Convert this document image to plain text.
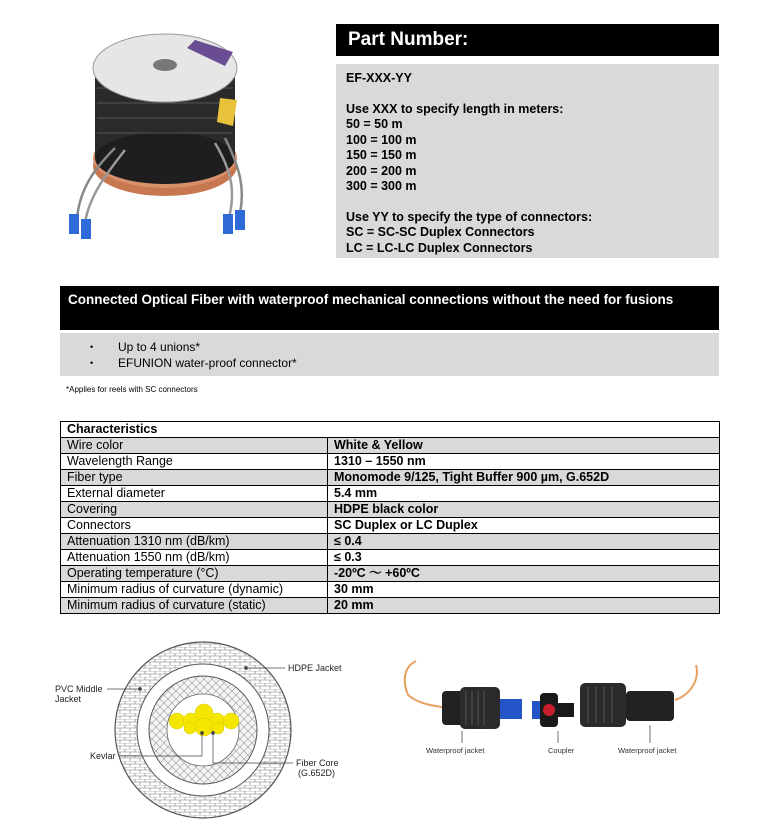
Part Number:
EF-XXX-YY
Use XXX to specify length in meters:
50 = 50 m
100 = 100 m
150 = 150 m
200 = 200 m
300 = 300 m
Use YY to specify the type of connectors:
SC = SC-SC Duplex Connectors
LC = LC-LC Duplex Connectors
Connected Optical Fiber with waterproof mechanical connections without the need for fusions
• Up to 4 unions*
• EFUNION water-proof connector*
*Applies for reels with SC connectors
Characteristics	
Wire color	White & Yellow
Wavelength Range	1310 – 1550 nm
Fiber type	Monomode 9/125, Tight Buffer 900 µm, G.652D
External diameter	5.4 mm
Covering	HDPE black color
Connectors	SC Duplex or LC Duplex
Attenuation 1310 nm (dB/km)	≤ 0.4
Attenuation 1550 nm (dB/km)	≤ 0.3
Operating temperature (°C)	-20ºC ～ +60ºC
Minimum radius of curvature (dynamic)	30 mm
Minimum radius of curvature (static)	20 mm
HDPE Jacket
PVC Middle
Jacket
Kevlar
Fiber Core
(G.652D)
Waterproof jacket	Coupler	Waterproof jacket
